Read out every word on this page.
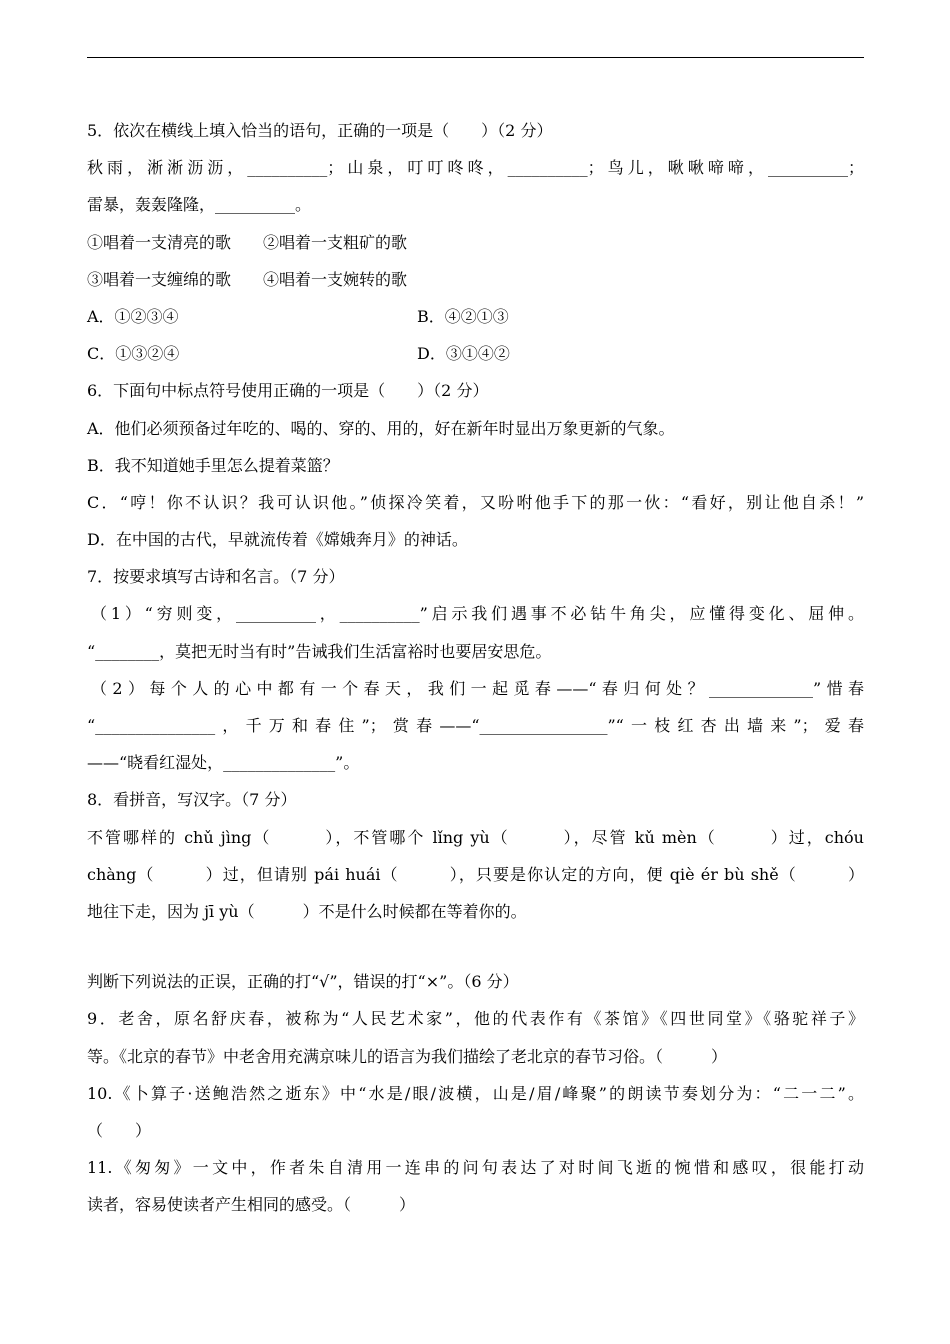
5．依次在横线上填入恰当的语句，正确的一项是（　　）（2 分）
秋雨，淅淅沥沥，__________；山泉，叮叮咚咚，__________；鸟儿，啾啾啼啼，__________；
雷暴，轰轰隆隆，__________。
①唱着一支清亮的歌　　②唱着一支粗矿的歌
③唱着一支缠绵的歌　　④唱着一支婉转的歌
A．①②③④	B．④②①③
C．①③②④	D．③①④②
6．下面句中标点符号使用正确的一项是（　　）（2 分）
A．他们必须预备过年吃的、喝的、穿的、用的，好在新年时显出万象更新的气象。
B．我不知道她手里怎么提着菜篮？
C．“哼！你不认识？我可认识他。”侦探冷笑着，又吩咐他手下的那一伙：“看好，别让他自杀！”
D．在中国的古代，早就流传着《嫦娥奔月》的神话。
7．按要求填写古诗和名言。（7 分）
（1）“穷则变，__________，__________”启示我们遇事不必钻牛角尖，应懂得变化、屈伸。
“________，莫把无时当有时”告诫我们生活富裕时也要居安思危。
（2）每个人的心中都有一个春天，我们一起觅春——“春归何处？_____________”惜春
“_______________，千万和春住”；赏春——“________________”“一枝红杏出墙来”；爱春
——“晓看红湿处，______________”。
8．看拼音，写汉字。（7 分）
不管哪样的 chǔ jìng（　　　），不管哪个 lǐng yù（　　　），尽管 kǔ mèn（　　　）过，chóu
chàng（　　　）过，但请别 pái huái（　　　），只要是你认定的方向，便 qiè ér bù shě（　　　）
地往下走，因为 jī yù（　　　）不是什么时候都在等着你的。
判断下列说法的正误，正确的打“√”，错误的打“×”。（6 分）
9．老舍，原名舒庆春，被称为“人民艺术家”，他的代表作有《茶馆》《四世同堂》《骆驼祥子》
等。《北京的春节》中老舍用充满京味儿的语言为我们描绘了老北京的春节习俗。（　　　）
10.《卜算子·送鲍浩然之逝东》中“水是/眼/波横，山是/眉/峰聚”的朗读节奏划分为：“二一二”。
（　　）
11.《匆匆》一文中，作者朱自清用一连串的问句表达了对时间飞逝的惋惜和感叹，很能打动
读者，容易使读者产生相同的感受。（　　　）
